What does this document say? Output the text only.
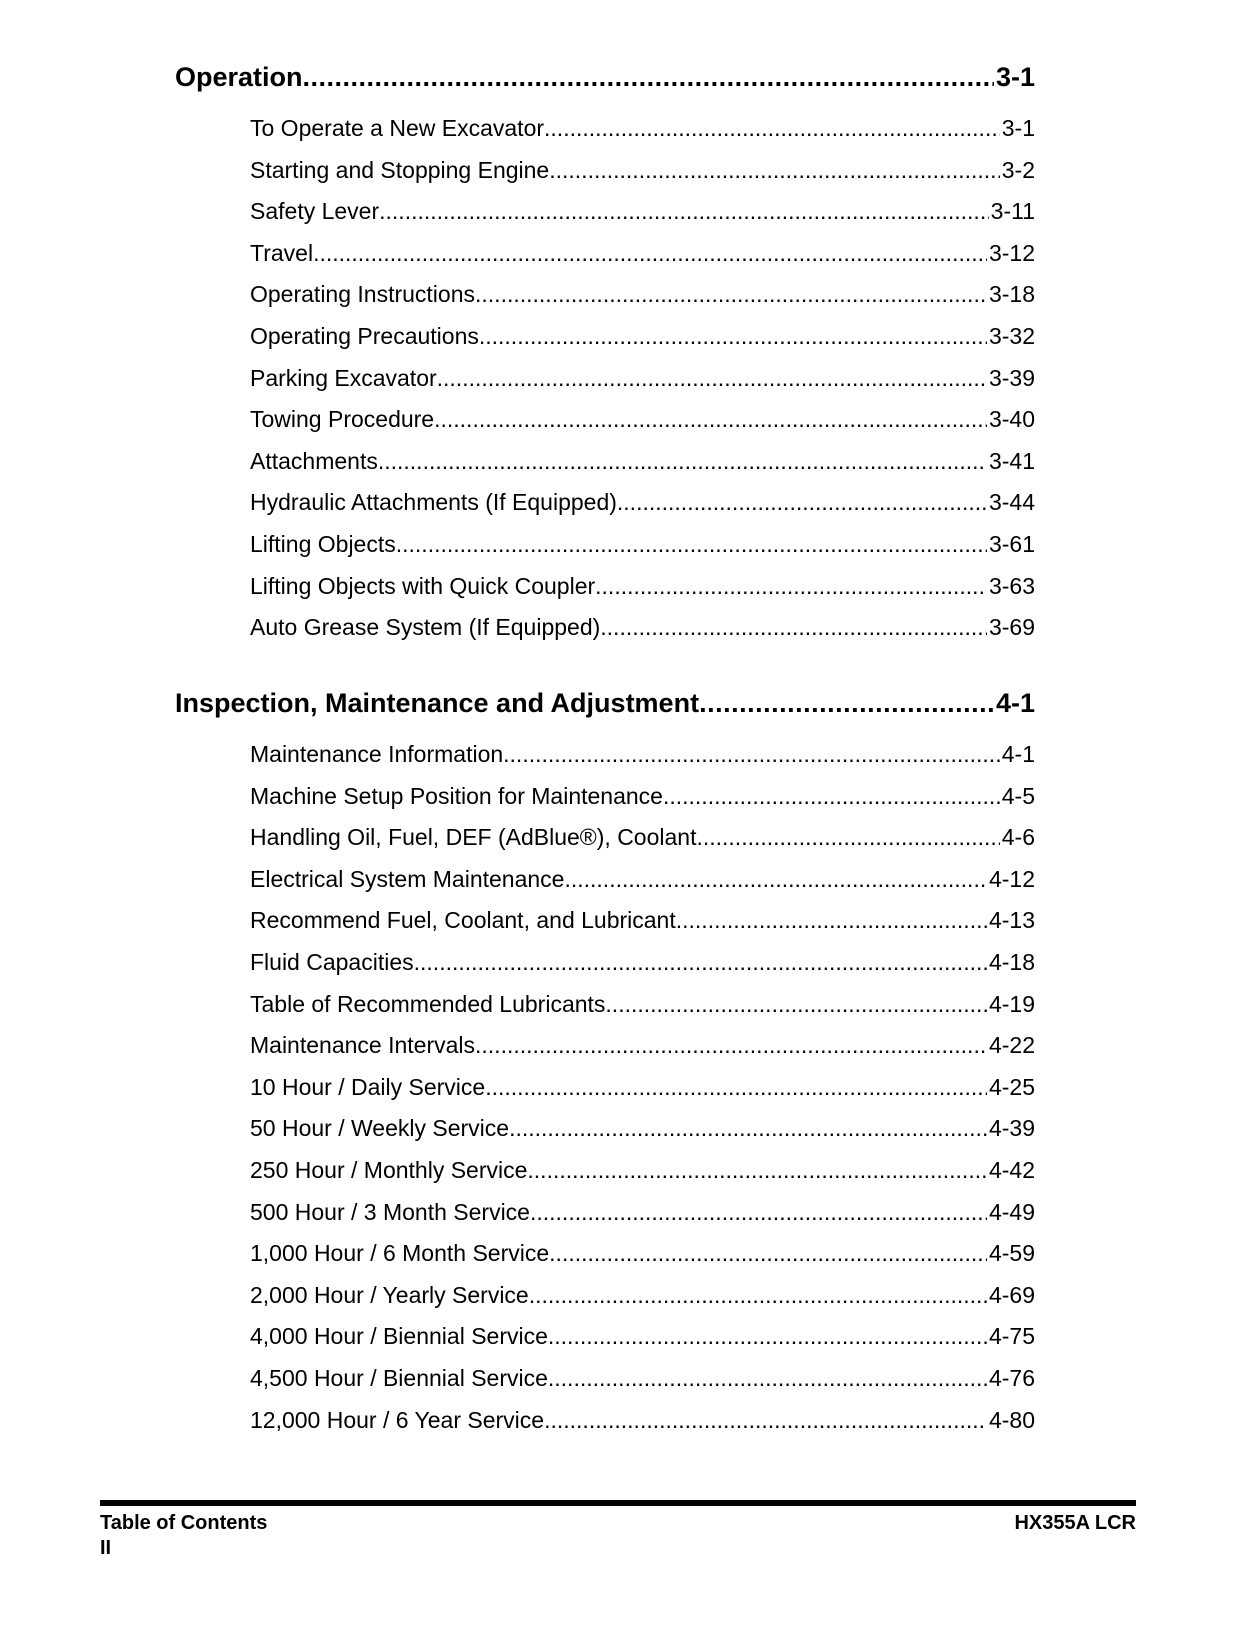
Operation .....	3-1
To Operate a New Excavator .....	3-1
Starting and Stopping Engine .....	3-2
Safety Lever .....	3-11
Travel .....	3-12
Operating Instructions .....	3-18
Operating Precautions .....	3-32
Parking Excavator .....	3-39
Towing Procedure .....	3-40
Attachments .....	3-41
Hydraulic Attachments (If Equipped) .....	3-44
Lifting Objects .....	3-61
Lifting Objects with Quick Coupler .....	3-63
Auto Grease System (If Equipped) .....	3-69
Inspection, Maintenance and Adjustment .....	4-1
Maintenance Information .....	4-1
Machine Setup Position for Maintenance .....	4-5
Handling Oil, Fuel, DEF (AdBlue®), Coolant .....	4-6
Electrical System Maintenance .....	4-12
Recommend Fuel, Coolant, and Lubricant .....	4-13
Fluid Capacities .....	4-18
Table of Recommended Lubricants .....	4-19
Maintenance Intervals .....	4-22
10 Hour / Daily Service .....	4-25
50 Hour / Weekly Service .....	4-39
250 Hour / Monthly Service .....	4-42
500 Hour / 3 Month Service .....	4-49
1,000 Hour / 6 Month Service .....	4-59
2,000 Hour / Yearly Service .....	4-69
4,000 Hour / Biennial Service .....	4-75
4,500 Hour / Biennial Service .....	4-76
12,000 Hour / 6 Year Service .....	4-80
Table of Contents
II
HX355A LCR
